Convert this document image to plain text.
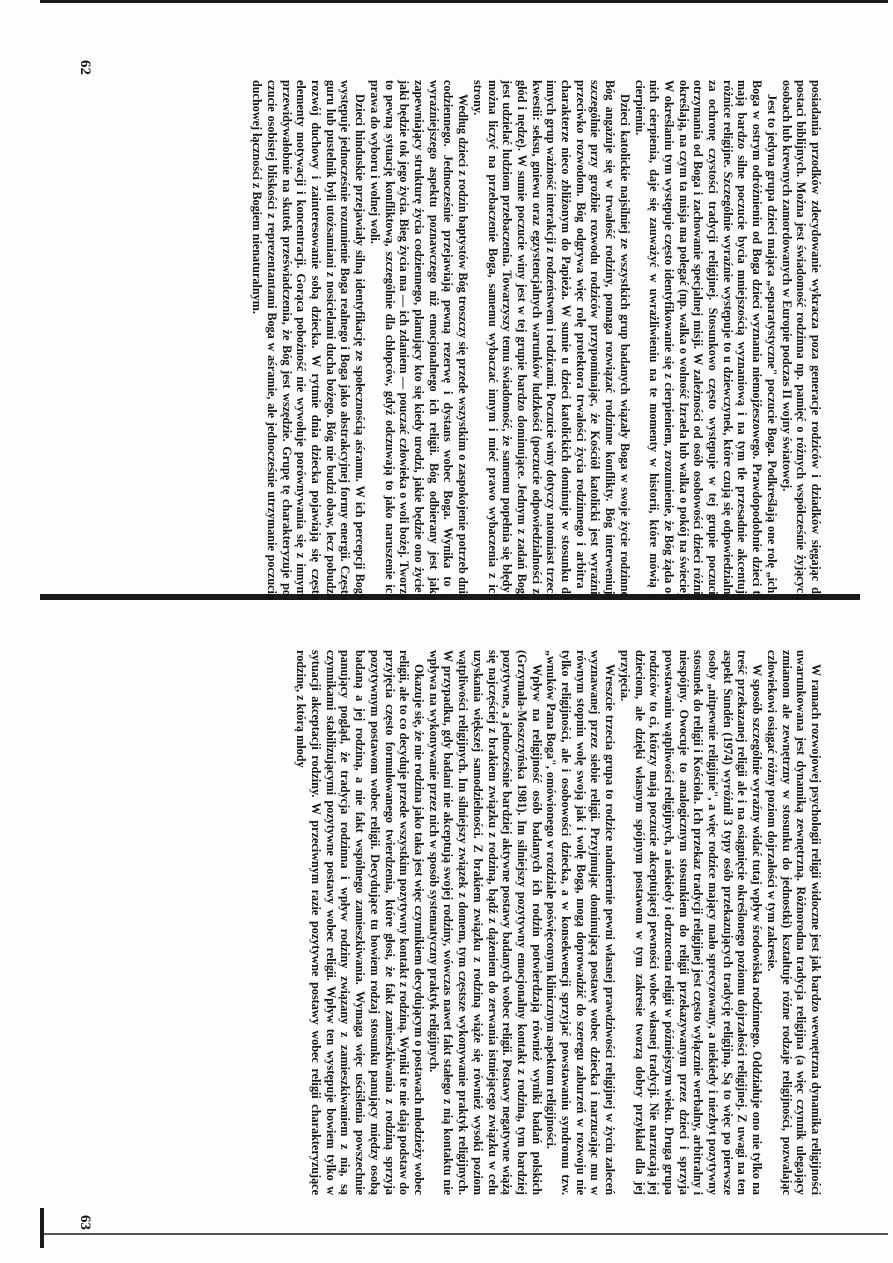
posiadania przodków zdecydowanie wykracza poza generacje rodziców i dziadków sięgając do postaci biblijnych. Można jest świadomość rodzinna np. pamięć o różnych współcześnie żyjących osobach lub krewnych zamordowanych w Europie podczas II wojny światowej.

Jest to jedyna grupa dzieci mająca „separatystyczne" poczucie Boga. Podkreślają one rolę „ich" Boga w ostrym odróżnieniu od Boga dzieci wyznania niemojżeszowego. Prawdopodobnie dzieci te mają bardzo silne poczucie bycia mniejszością wyznaniową i na tym tle przesadnie akcentują różnice religijne. Szczególnie wyraźnie występuje to u dziewczynek, które czują się odpowiedzialne za ochronę czystości tradycji religijnej. Stosunkowo często występuje w tej grupie poczucie otrzymania od Boga i zachowanie specjalnej misji. W zależności od osób osobowości dzieci różnie określają, na czym ta misja ma polegać (np. walka o wolność Izraela lub walka o pokój na świecie). W określaniu tym występuje często identyfikowanie się z cierpieniem, zrozumienie, że Bóg żąda od nich cierpienia, daje się zauważyć w uwrażliwieniu na te momenty w historii, które mówią o cierpieniu.

Dzieci katolickie najsilniej ze wszystkich grup badanych wiązały Boga w swoje życie rodzinne. Bóg angażuje się w trwałość rodziny, pomaga rozwiązać rodzinne konflikty. Bóg interweniuje szczególnie przy groźbie rozwodu rodziców przypominając, że Kościół katolicki jest wyraźnie przeciwko rozwodom. Bóg odgrywa więc rolę protektora trwałości życia rodzinnego i arbitra o charakterze nieco zbliżonym do Papieża. W sumie u dzieci katolickich dominuje w stosunku do innych grup ważność interakcji z rodzeństwem i rodzicami. Poczucie winy dotyczy natomiast trzech kwestii: seksu, gniewu oraz egzystencjalnych warunków ludzkości (poczucie odpowiedzialności za głód i nędzę). W sumie poczucie winy jest w tej grupie bardzo dominujące. Jednym z zadań Boga jest udzielać ludziom przebaczenia. Towarzyszy temu świadomość, że samemu popełnia się błędy i można liczyć na przebaczenie Boga, samemu wybaczać innym i mieć prawo wybaczenia z ich strony.

Według dzieci z rodzin baptystów Bóg troszczy się przede wszystkim o zaspokojenie potrzeb dnia codziennego. Jednocześnie przejawiają pewną rezerwę i dystans wobec Boga. Wynika to z wyraźniejszego aspektu poznawczego niż emocjonalnego ich religii. Bóg odbierany jest jako zapewniający strukturę życia codziennego, planujący kto się kiedy urodzi, jakie będzie ono życie i jaki będzie tok jego życia. Bieg życia ma — ich zdaniem — pouczać człowieka o woli bożej. Tworzy to pewną sytuację konfliktową, szczególnie dla chłopców, gdyż odczuwają to jako naruszenie ich prawa do wyboru i wolnej woli.

Dzieci hinduskie przejawiały silną identyfikację ze społecznością aśramu. W ich percepcji Boga występuje jednocześnie rozumienie Boga realnego i Boga jako abstrakcyjnej formy energii. Często guru lub pustelnik byli utożsamiani z nosicielami ducha bożego. Bóg nie budzi obaw, lecz pobudza rozwój duchowy i zainteresowanie sobą dziecka. W rytmie dnia dziecka pojawiają się często elementy motywacji i koncentracji. Gorąca pobożność nie wywołuje porównywania się z innymi przewidywałobnie na skutek przeświadczenia, że Bóg jest wszędzie. Grupę tę charakteryzuje poczucie osobistej bliskości z reprezentantami Boga w aśramie, ale jednocześnie utrzymanie poczucia duchowej łączności z Bogiem nienaturalnym.

62

W ramach rozwojowej psychologii religii widoczne jest jak bardzo wewnętrzna dynamika religijności uwarunkowana jest dynamiką zewnętrzną. Różnorodna tradycja religijna (a więc czynnik ulegający zmianom ale zewnętrzny w stosunku do jednostki) kształtuje różne rodzaje religijności, pozwalając człowiekowi osiągać różny poziom dojrzałości w tym zakresie.

W sposób szczególnie wyraźny widać tutaj wpływ środowiska rodzinnego. Oddziałuje ono nie tylko na treść przekazanej religii ale i na osiągnięcie określonego poziomu dojrzałości religijnej. Z uwagi na ten aspekt Sundén (1974) wyróżnił 3 typy osób przekazujących tradycję religijną. Są to więc po pierwsze osoby „nitpewnie religijnie", a więc rodzice mający mało sprecyzowany, a niekiedy i niezbyt pozytywny stosunek do religii i Kościoła. Ich przekaz tradycji religijnej jest często wyłącznie werbalny, arbitralny i niespójny. Owocuje to analogicznym stosunkiem do religii przekazywanym przez dzieci i sprzyja powstawaniu wątpliwości religijnych, a niekiedy i odrzucenia religii w późniejszym wieku. Druga grupa rodziców to ci, którzy mają poczucie akceptującej pewności wobec własnej tradycji. Nie narzucają jej dzieciom, ale dzięki własnym spójnym postawom w tym zakresie tworzą dobry przykład dla jej przyjęcia.

Wreszcie trzecia grupa to rodzice nadmiernie pewni własnej prawdziwości religijnej w życiu zaleceń wyznawanej przez siebie religii. Przyjmując dominującą postawę wobec dziecka i narzucając mu w równym stopniu wolę swoją jak i wolę Bogą, mogą doprowadzić do szeregu zaburzeń w rozwoju nie tylko religijności, ale i osobowości dziecka, a w konsekwencji sprzyjać powstawaniu syndromu tzw. „wnuków Pana Boga", omówionego w rozdziale poświęconym klinicznym aspektom religijności.

Wpływ na religijność osób badanych ich rodzin potwierdzają również wyniki badań polskich (Grzymała-Moszczyńska 1981). Im silniejszy pozytywny emocjonalny kontakt z rodziną, tym bardziej pozytywne, a jednocześnie bardziej aktywne postawy badanych wobec religii. Postawy negatywne wiążą się najczęściej z brakiem związku z rodziną, bądź z dążeniem do zerwania istniejącego związku w celu uzyskania większej samodzielności. Z brakiem związku z rodziną wiąże się również wysoki poziom wątpliwości religijnych. Im silniejszy związek z domem, tym częstsze wykonywanie praktyk religijnych. W przypadku, gdy badani nie akceptują swojej rodziny, wówczas nawet fakt stałego z nią kontaktu nie wpływa na wykonywanie przez nich w sposób systematyczny praktyk religijnych.

Okazuje się, że nie rodzina jako taka jest więc czynnikiem decydującym o postawach młodzieży wobec religii, ale to co decyduje przede wszystkim pozytywny kontakt z rodziną. Wyniki te nie dają podstaw do przyjęcia często formułowanego twierdzenia, które głosi, że fakt zamieszkiwania z rodziną sprzyja pozytywnym postawom wobec religii. Decydujące tu bowiem rodzaj stosunku panujący między osobą badaną a jej rodziną, a nie fakt wspólnego zamieszkiwania. Wymaga więc uściślenia powszechnie panujący pogląd, że tradycja rodzinna i wpływ rodziny związany z zamieszkiwaniem z nią, są czynnikami stabilizującymi pozytywne postawy wobec religii. Wpływ ten występuje bowiem tylko w sytuacji akceptacji rodziny. W przeciwnym razie pozytywne postawy wobec religii charakteryzujące rodzinę, z którą młody

63
